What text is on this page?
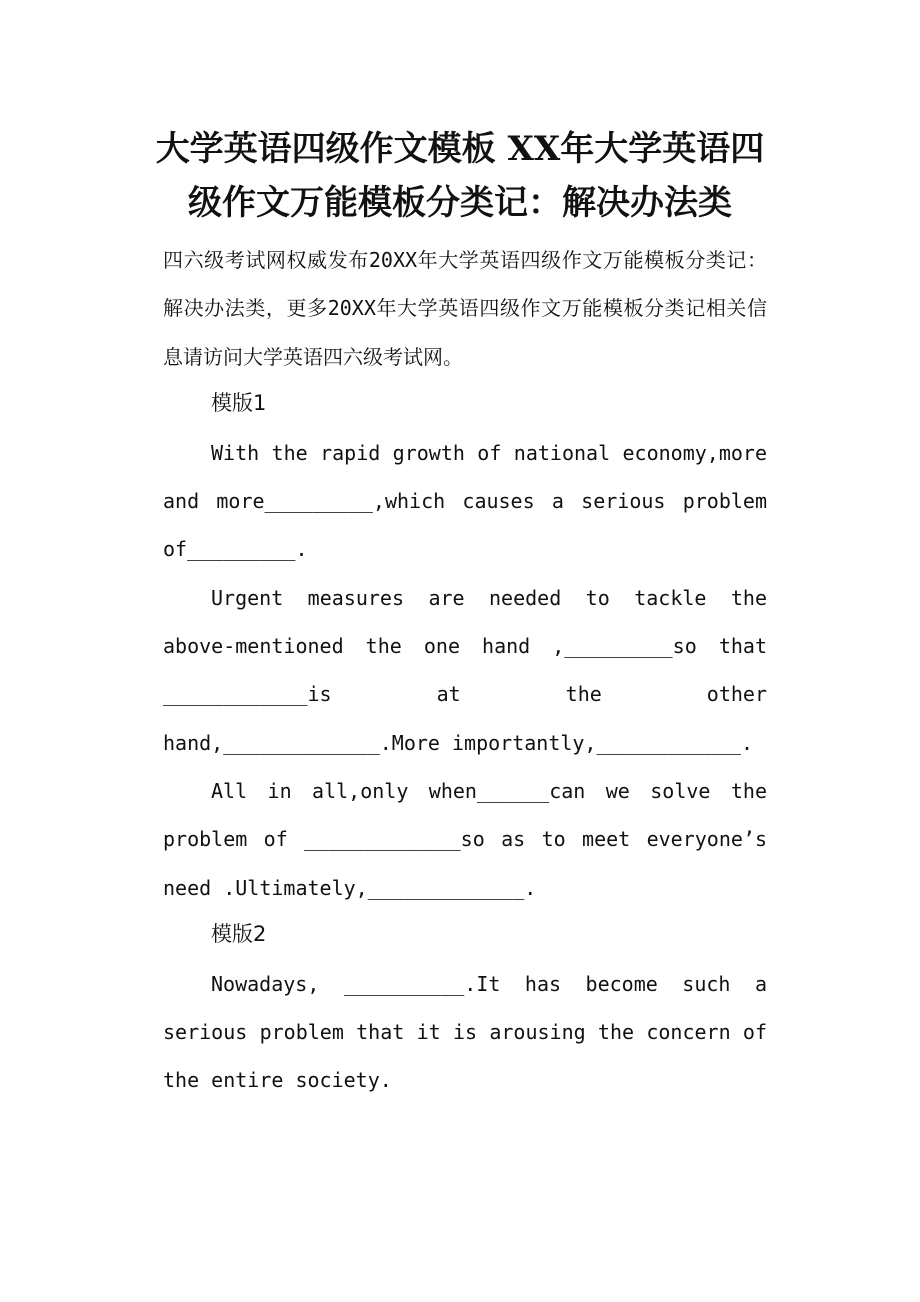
大学英语四级作文模板 XX年大学英语四级作文万能模板分类记：解决办法类

四六级考试网权威发布20XX年大学英语四级作文万能模板分类记：解决办法类，更多20XX年大学英语四级作文万能模板分类记相关信息请访问大学英语四六级考试网。

模版1

With the rapid growth of national economy,more and more_________,which causes a serious problem of_________.

Urgent measures are needed to tackle the above-mentioned the one hand ,_________so that ____________is at the other hand,_____________.More importantly,____________.

All in all,only when______can we solve the problem of _____________so as to meet everyone’s need .Ultimately,_____________.

模版2

Nowadays, __________.It has become such a serious problem that it is arousing the concern of the entire society.
